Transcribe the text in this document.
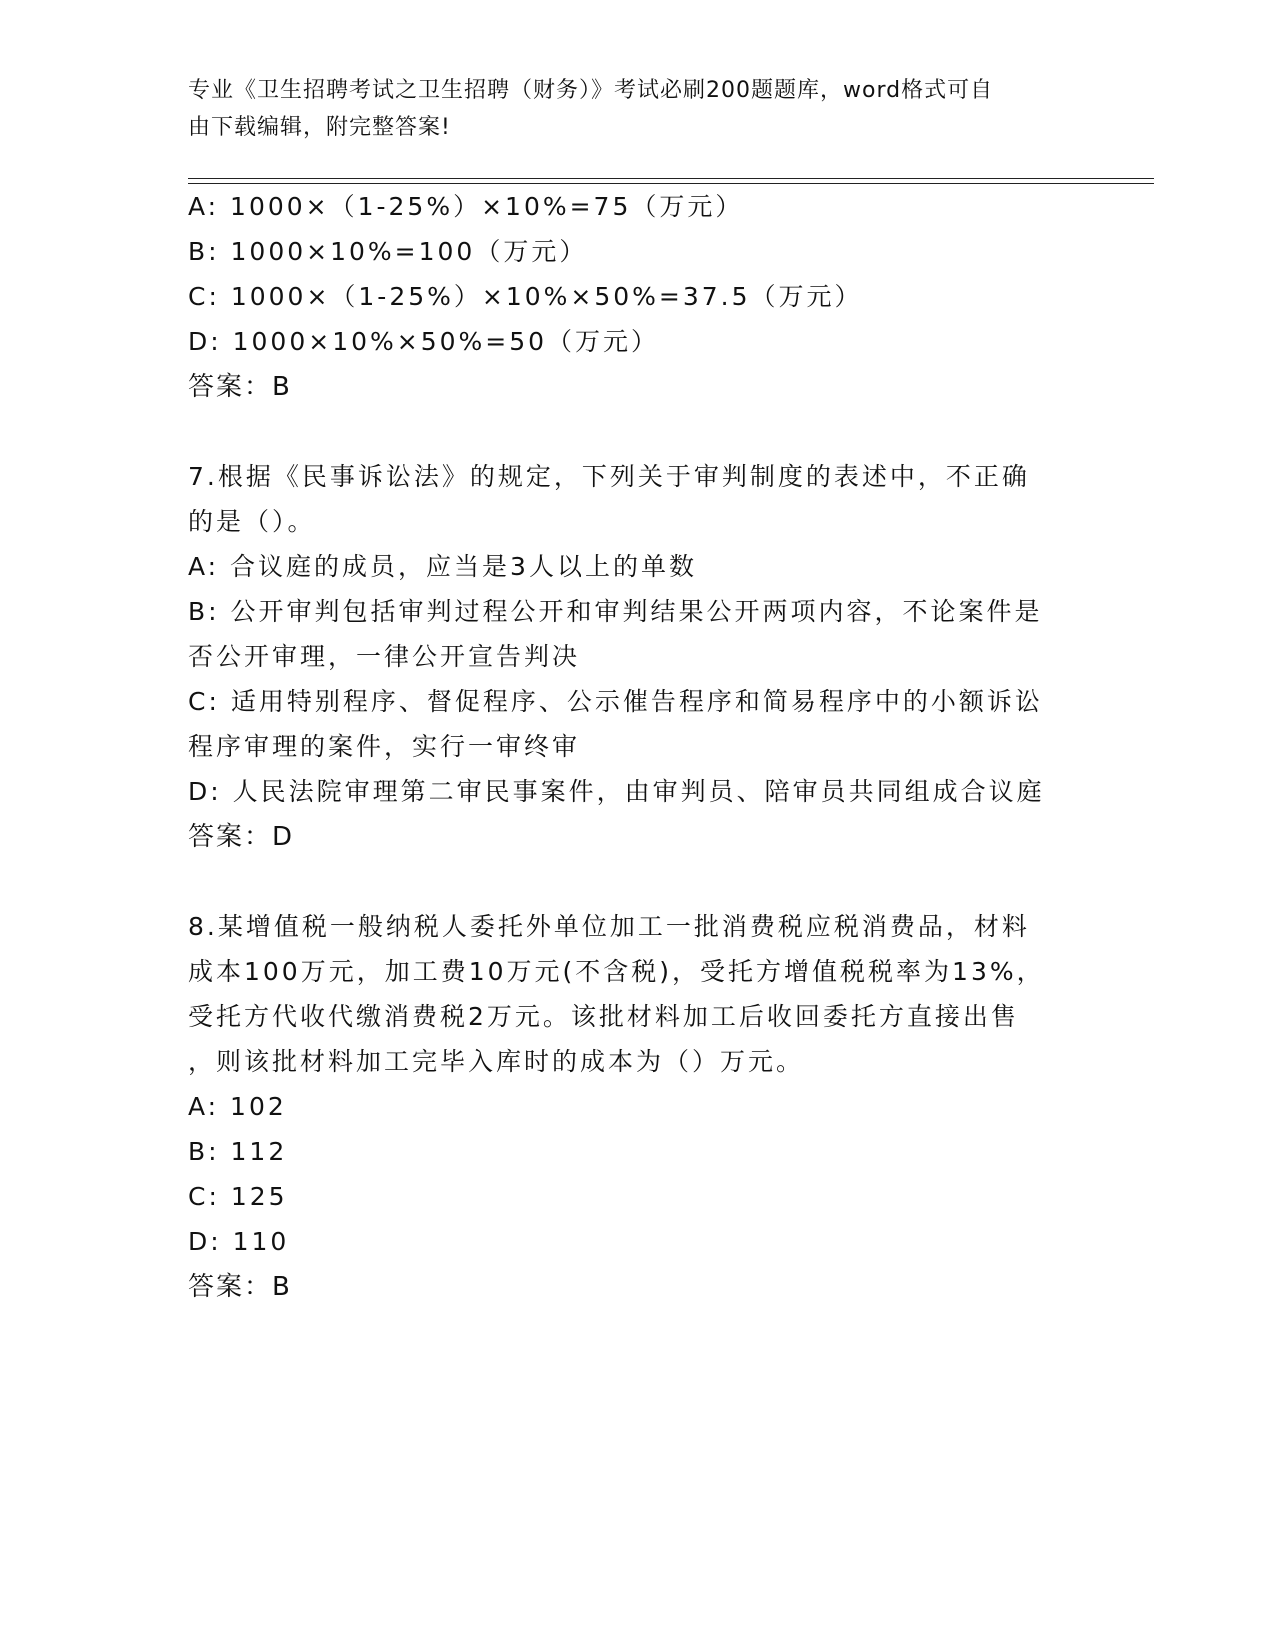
专业《卫生招聘考试之卫生招聘（财务）》考试必刷200题题库，word格式可自
由下载编辑，附完整答案!
A: 1000×（1-25%）×10%=75（万元）
B: 1000×10%=100（万元）
C: 1000×（1-25%）×10%×50%=37.5（万元）
D: 1000×10%×50%=50（万元）
答案：B
7.根据《民事诉讼法》的规定，下列关于审判制度的表述中，不正确
的是（）。
A: 合议庭的成员，应当是3人以上的单数
B: 公开审判包括审判过程公开和审判结果公开两项内容，不论案件是
否公开审理，一律公开宣告判决
C: 适用特别程序、督促程序、公示催告程序和简易程序中的小额诉讼
程序审理的案件，实行一审终审
D: 人民法院审理第二审民事案件，由审判员、陪审员共同组成合议庭
答案：D
8.某增值税一般纳税人委托外单位加工一批消费税应税消费品，材料
成本100万元，加工费10万元(不含税)，受托方增值税税率为13%，
受托方代收代缴消费税2万元。该批材料加工后收回委托方直接出售
，则该批材料加工完毕入库时的成本为（）万元。
A: 102
B: 112
C: 125
D: 110
答案：B
